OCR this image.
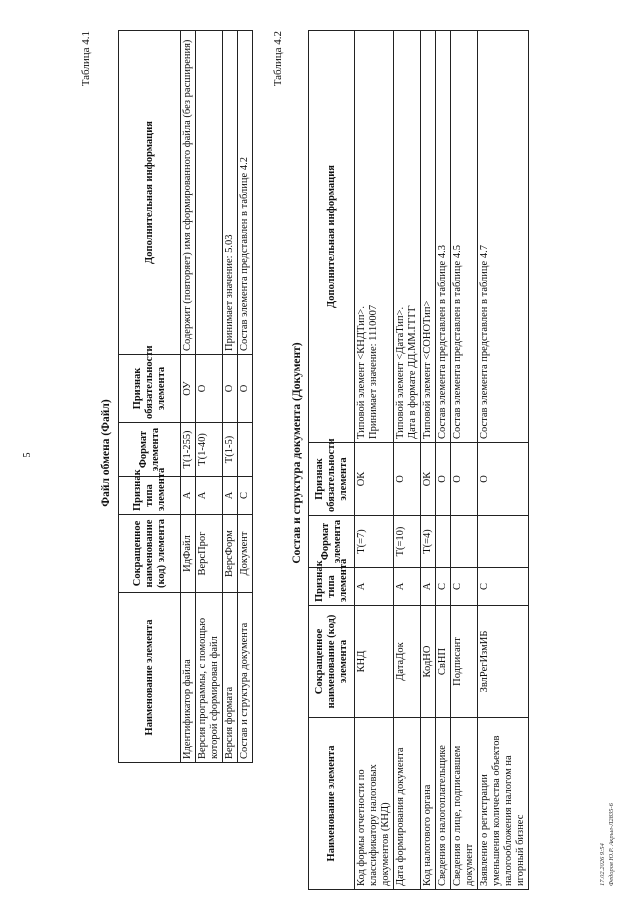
5
Таблица 4.1
Файл обмена (Файл)
Наименование элемента	Сокращенное наименование (код) элемента	Признак типа элемента	Формат элемента	Признак обязательности элемента	Дополнительная информация
Идентификатор файла	ИдФайл	А	T(1-255)	ОУ	Содержит (повторяет) имя сформированного файла (без расширения)
Версия программы, с помощью которой сформирован файл	ВерсПрог	А	T(1-40)	О	
Версия формата	ВерсФорм	А	T(1-5)	О	Принимает значение: 5.03
Состав и структура документа	Документ	С		О	Состав элемента представлен в таблице 4.2
Таблица 4.2
Состав и структура документа (Документ)
Наименование элемента	Сокращенное наименование (код) элемента	Признак типа элемента	Формат элемента	Признак обязательности элемента	Дополнительная информация
Код формы отчетности по классификатору налоговых документов (КНД)	КНД	А	T(=7)	ОК	Типовой элемент <КНДТип>.
Принимает значение: 1110007
Дата формирования документа	ДатаДок	А	T(=10)	О	Типовой элемент <ДатаТип>.
Дата в формате ДД.ММ.ГГГГ
Код налогового органа	КодНО	А	T(=4)	ОК	Типовой элемент <СОНОТип>
Сведения о налогоплательщике	СвНП	С		О	Состав элемента представлен в таблице 4.3
Сведения о лице, подписавшем документ	Подписант	С		О	Состав элемента представлен в таблице 4.5
Заявление о регистрации уменьшения количества объектов налогообложения налогом на игорный бизнес	ЗвлРегИзмИБ	С		О	Состав элемента представлен в таблице 4.7
17.02.2026 9:54 Федоров Ю.Р. Акрыл-Л2835-6
